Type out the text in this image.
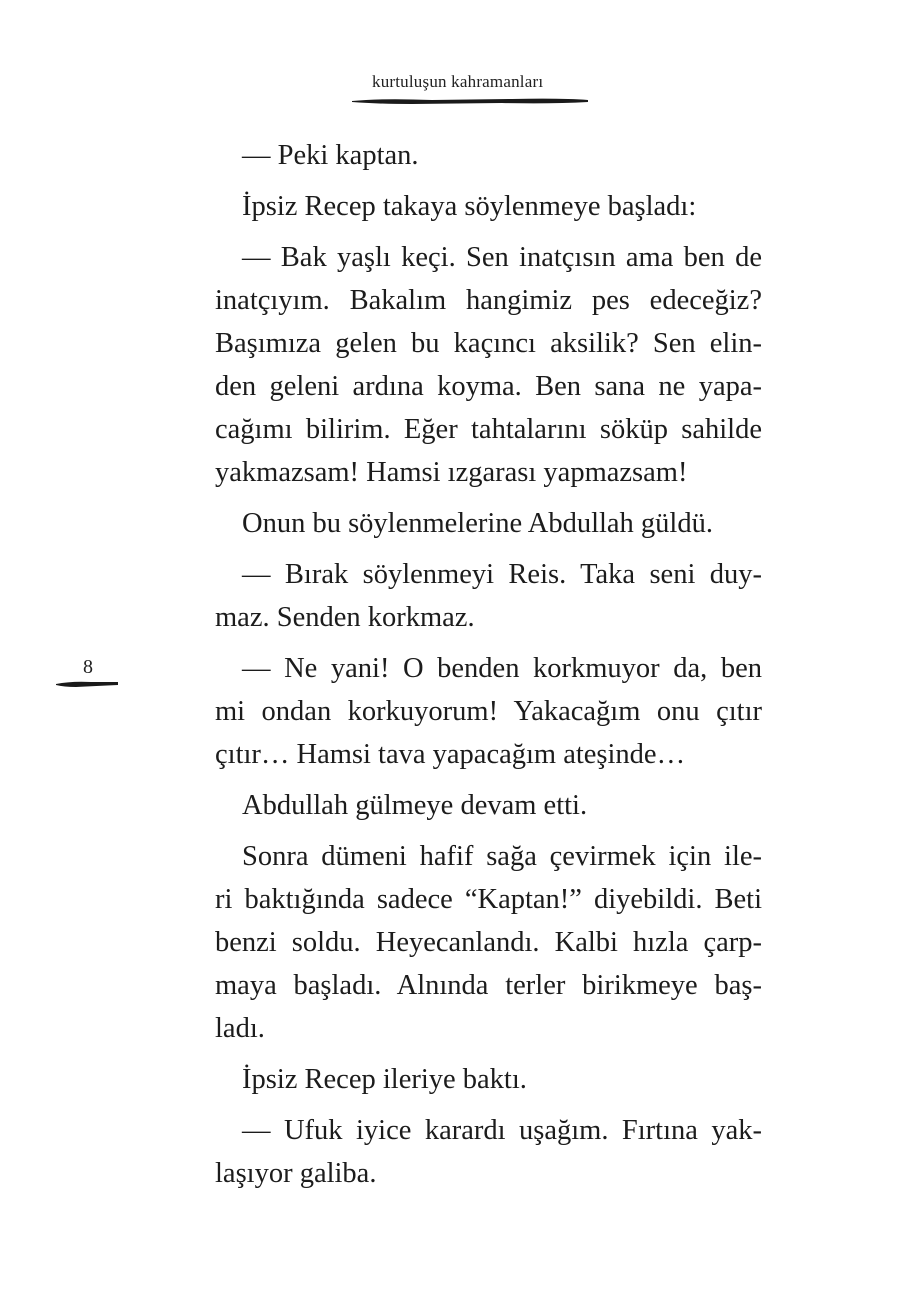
kurtuluşun kahramanları
8
— Peki kaptan.
İpsiz Recep takaya söylenmeye başladı:
— Bak yaşlı keçi. Sen inatçısın ama ben de
inatçıyım. Bakalım hangimiz pes edeceğiz?
Başımıza gelen bu kaçıncı aksilik? Sen elin-
den geleni ardına koyma. Ben sana ne yapa-
cağımı bilirim. Eğer tahtalarını söküp sahilde
yakmazsam! Hamsi ızgarası yapmazsam!
Onun bu söylenmelerine Abdullah güldü.
— Bırak söylenmeyi Reis. Taka seni duy-
maz. Senden korkmaz.
— Ne yani! O benden korkmuyor da, ben
mi ondan korkuyorum! Yakacağım onu çıtır
çıtır… Hamsi tava yapacağım ateşinde…
Abdullah gülmeye devam etti.
Sonra dümeni hafif sağa çevirmek için ile-
ri baktığında sadece “Kaptan!” diyebildi. Beti
benzi soldu. Heyecanlandı. Kalbi hızla çarp-
maya başladı. Alnında terler birikmeye baş-
ladı.
İpsiz Recep ileriye baktı.
— Ufuk iyice karardı uşağım. Fırtına yak-
laşıyor galiba.
